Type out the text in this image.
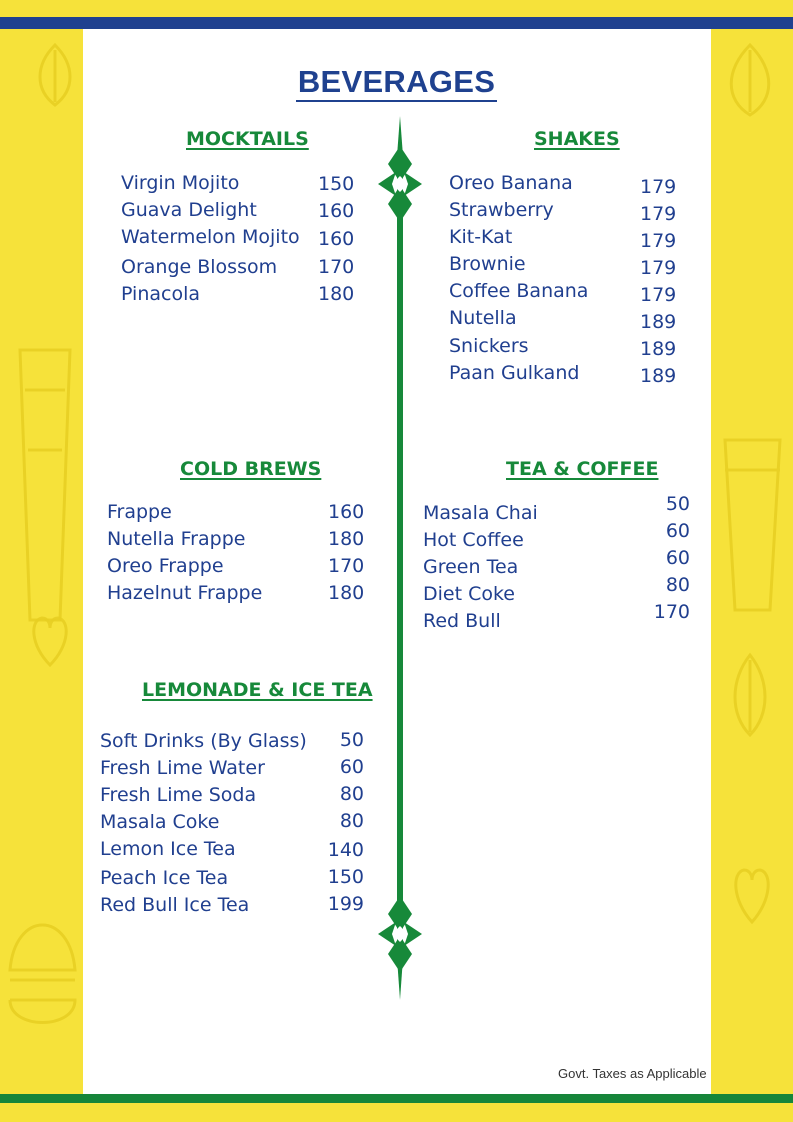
BEVERAGES
MOCKTAILS
Virgin Mojito	150
Guava Delight	160
Watermelon Mojito 160
Orange Blossom 170
Pinacola	180
SHAKES
Oreo Banana	179
Strawberry	179
Kit-Kat	179
Brownie	179
Coffee Banana	179
Nutella	189
Snickers	189
Paan Gulkand	189
COLD BREWS
Frappe	160
Nutella Frappe	180
Oreo Frappe	170
Hazelnut Frappe	180
TEA & COFFEE
Masala Chai	50
Hot Coffee	60
Green Tea	60
Diet Coke	80
Red Bull	170
LEMONADE & ICE TEA
Soft Drinks (By Glass)	50
Fresh Lime Water	60
Fresh Lime Soda	80
Masala Coke	80
Lemon Ice Tea	140
Peach Ice Tea	150
Red Bull Ice Tea	199
Govt. Taxes as Applicable
